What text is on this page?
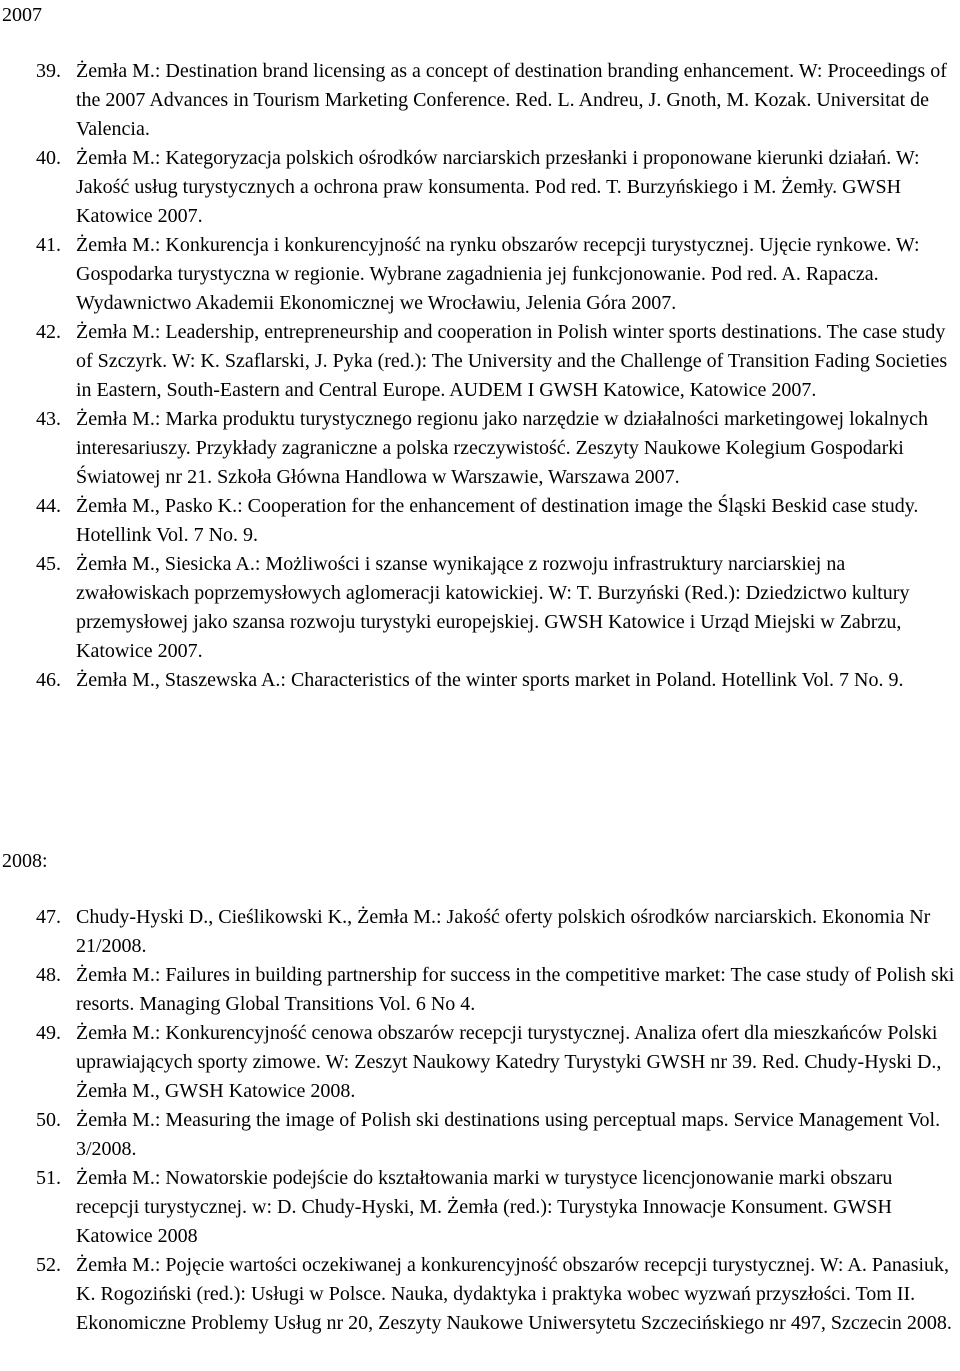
2007
39. Żemła M.: Destination brand licensing as a concept of destination branding enhancement. W: Proceedings of the 2007 Advances in Tourism Marketing Conference. Red. L. Andreu, J. Gnoth, M. Kozak. Universitat de Valencia.
40. Żemła M.: Kategoryzacja polskich ośrodków narciarskich przesłanki i proponowane kierunki działań. W: Jakość usług turystycznych a ochrona praw konsumenta. Pod red. T. Burzyńskiego i M. Żemły. GWSH Katowice 2007.
41. Żemła M.: Konkurencja i konkurencyjność na rynku obszarów recepcji turystycznej. Ujęcie rynkowe. W: Gospodarka turystyczna w regionie. Wybrane zagadnienia jej funkcjonowanie. Pod red. A. Rapacza. Wydawnictwo Akademii Ekonomicznej we Wrocławiu, Jelenia Góra 2007.
42. Żemła M.: Leadership, entrepreneurship and cooperation in Polish winter sports destinations. The case study of Szczyrk. W: K. Szaflarski, J. Pyka (red.): The University and the Challenge of Transition Fading Societies in Eastern, South-Eastern and Central Europe. AUDEM I GWSH Katowice, Katowice 2007.
43. Żemła M.: Marka produktu turystycznego regionu jako narzędzie w działalności marketingowej lokalnych interesariuszy. Przykłady zagraniczne a polska rzeczywistość. Zeszyty Naukowe Kolegium Gospodarki Światowej nr 21. Szkoła Główna Handlowa w Warszawie, Warszawa 2007.
44. Żemła M., Pasko K.: Cooperation for the enhancement of destination image the Śląski Beskid case study. Hotellink Vol. 7 No. 9.
45. Żemła M., Siesicka A.: Możliwości i szanse wynikające z rozwoju infrastruktury narciarskiej na zwałowiskach poprzemysłowych aglomeracji katowickiej. W: T. Burzyński (Red.): Dziedzictwo kultury przemysłowej jako szansa rozwoju turystyki europejskiej. GWSH Katowice i Urząd Miejski w Zabrzu, Katowice 2007.
46. Żemła M., Staszewska A.: Characteristics of the winter sports market in Poland. Hotellink Vol. 7 No. 9.
2008:
47. Chudy-Hyski D., Cieślikowski K., Żemła M.: Jakość oferty polskich ośrodków narciarskich. Ekonomia Nr 21/2008.
48. Żemła M.: Failures in building partnership for success in the competitive market: The case study of Polish ski resorts. Managing Global Transitions Vol. 6 No 4.
49. Żemła M.: Konkurencyjność cenowa obszarów recepcji turystycznej. Analiza ofert dla mieszkańców Polski uprawiających sporty zimowe. W: Zeszyt Naukowy Katedry Turystyki GWSH nr 39. Red. Chudy-Hyski D., Żemła M., GWSH Katowice 2008.
50. Żemła M.: Measuring the image of Polish ski destinations using perceptual maps. Service Management Vol. 3/2008.
51. Żemła M.: Nowatorskie podejście do kształtowania marki w turystyce licencjonowanie marki obszaru recepcji turystycznej. w: D. Chudy-Hyski, M. Żemła (red.): Turystyka Innowacje Konsument. GWSH Katowice 2008
52. Żemła M.: Pojęcie wartości oczekiwanej a konkurencyjność obszarów recepcji turystycznej. W: A. Panasiuk, K. Rogoziński (red.): Usługi w Polsce. Nauka, dydaktyka i praktyka wobec wyzwań przyszłości. Tom II. Ekonomiczne Problemy Usług nr 20, Zeszyty Naukowe Uniwersytetu Szczecińskiego nr 497, Szczecin 2008.
